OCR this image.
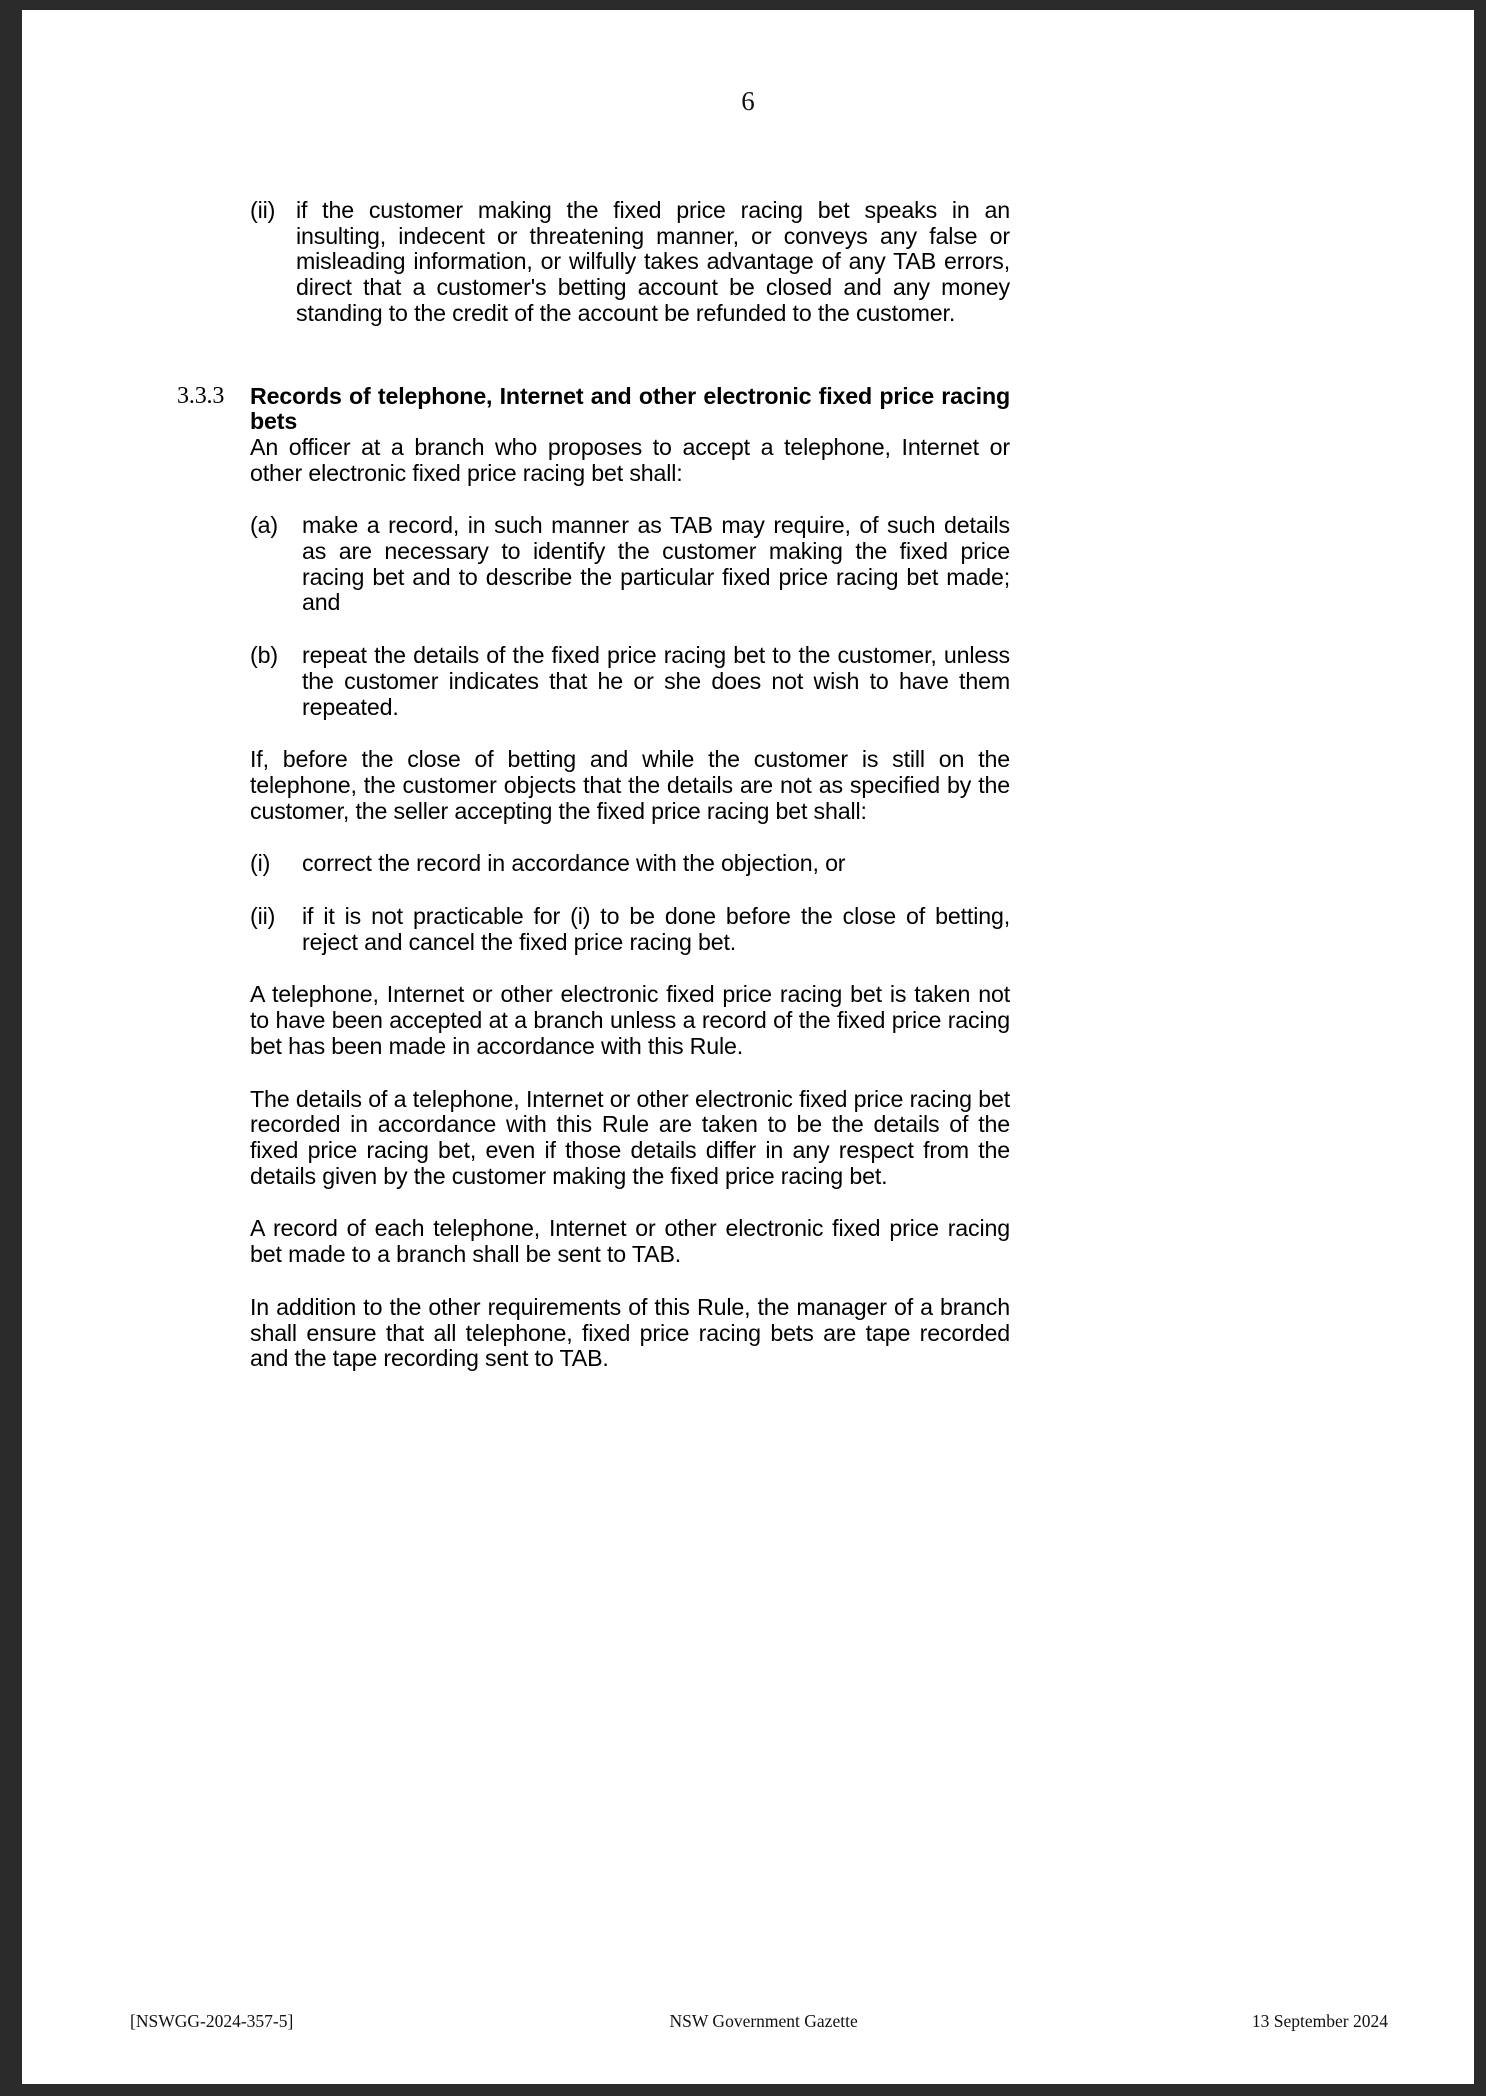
6
(ii) if the customer making the fixed price racing bet speaks in an insulting, indecent or threatening manner, or conveys any false or misleading information, or wilfully takes advantage of any TAB errors, direct that a customer's betting account be closed and any money standing to the credit of the account be refunded to the customer.
3.3.3	Records of telephone, Internet and other electronic fixed price racing bets

An officer at a branch who proposes to accept a telephone, Internet or other electronic fixed price racing bet shall:

(a)	make a record, in such manner as TAB may require, of such details as are necessary to identify the customer making the fixed price racing bet and to describe the particular fixed price racing bet made; and
(b)	repeat the details of the fixed price racing bet to the customer, unless the customer indicates that he or she does not wish to have them repeated.

If, before the close of betting and while the customer is still on the telephone, the customer objects that the details are not as specified by the customer, the seller accepting the fixed price racing bet shall:

(i)	correct the record in accordance with the objection, or
(ii)	if it is not practicable for (i) to be done before the close of betting, reject and cancel the fixed price racing bet.

A telephone, Internet or other electronic fixed price racing bet is taken not to have been accepted at a branch unless a record of the fixed price racing bet has been made in accordance with this Rule.

The details of a telephone, Internet or other electronic fixed price racing bet recorded in accordance with this Rule are taken to be the details of the fixed price racing bet, even if those details differ in any respect from the details given by the customer making the fixed price racing bet.

A record of each telephone, Internet or other electronic fixed price racing bet made to a branch shall be sent to TAB.

In addition to the other requirements of this Rule, the manager of a branch shall ensure that all telephone, fixed price racing bets are tape recorded and the tape recording sent to TAB.

[NSWGG-2024-357-5]	NSW Government Gazette	13 September 2024
